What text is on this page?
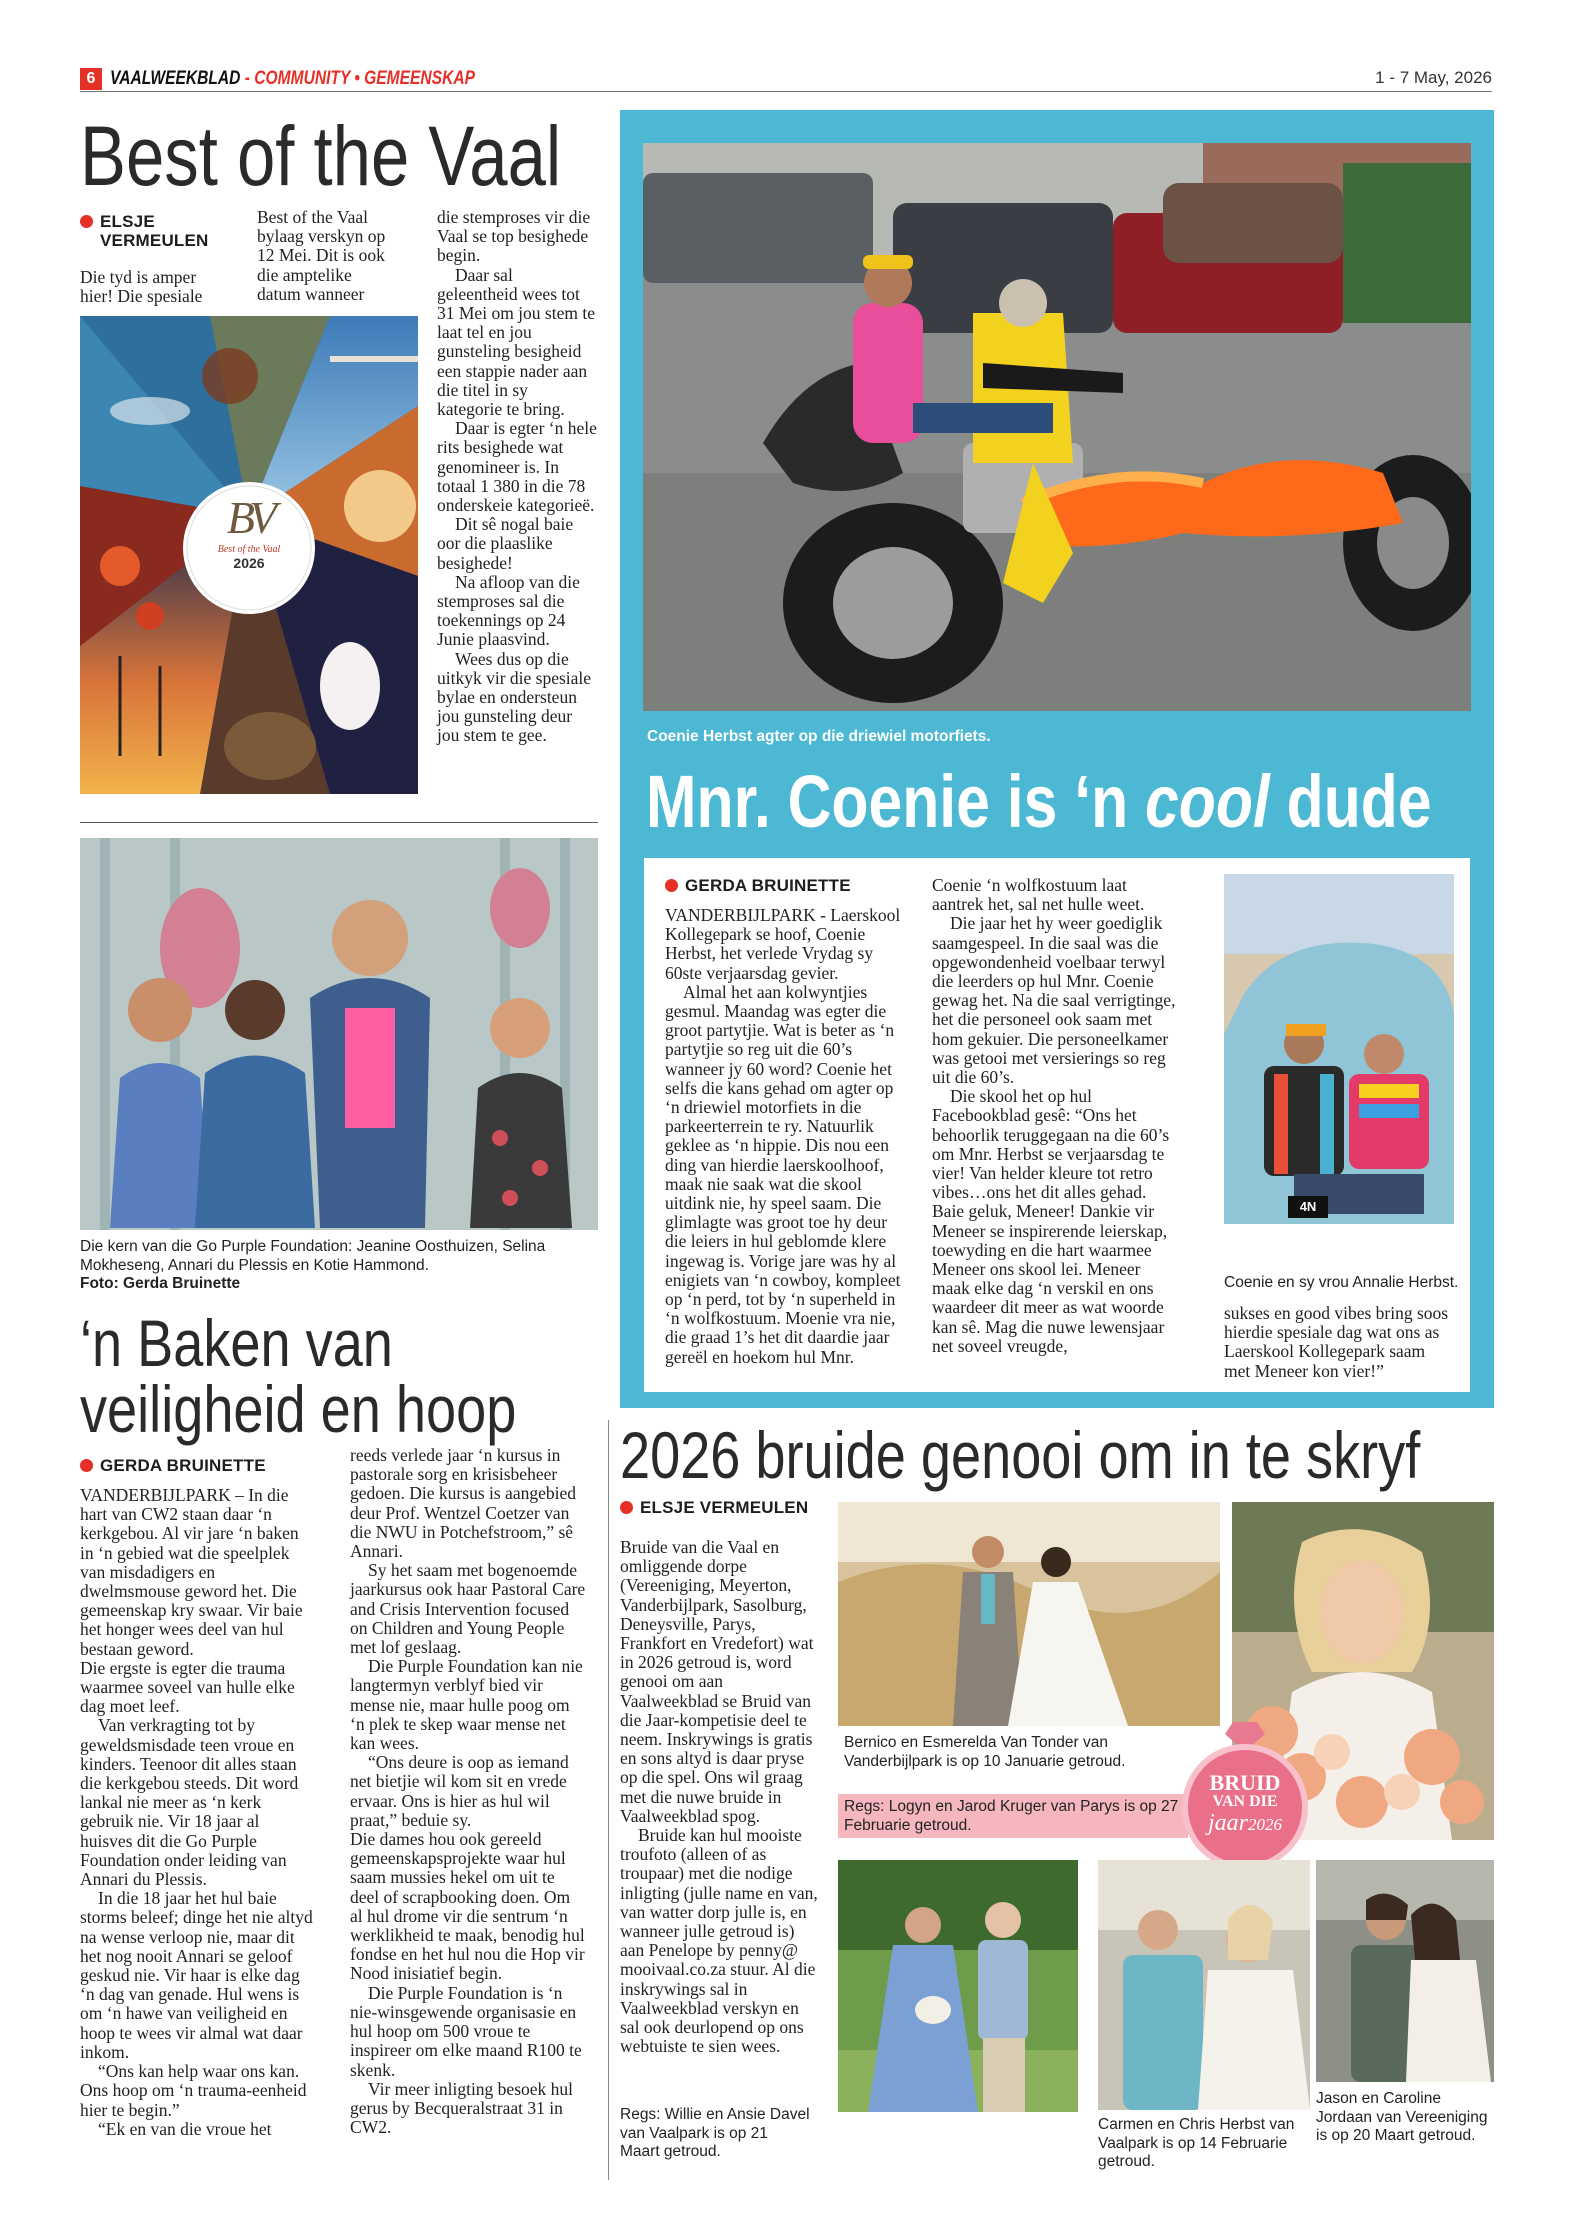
6 VAALWEEKBLAD - COMMUNITY • GEMEENSKAP	1 - 7 May, 2026
Best of the Vaal
ELSJE
VERMEULEN
Die tyd is amper hier! Die spesiale
Best of the Vaal bylaag verskyn op 12 Mei. Dit is ook die amptelike datum wanneer

die stemproses vir die Vaal se top besighede begin.

Daar sal geleentheid wees tot 31 Mei om jou stem te laat tel en jou gunsteling besigheid een stappie nader aan die titel in sy kategorie te bring.

Daar is egter ‘n hele rits besighede wat genomineer is. In totaal 1 380 in die 78 onderskeie kategorieë.

Dit sê nogal baie oor die plaaslike besighede!

Na afloop van die stemproses sal die toekennings op 24 Junie plaasvind.

Wees dus op die uitkyk vir die spesiale bylae en ondersteun jou gunsteling deur jou stem te gee.

BV
Best of the Vaal
2026
Coenie Herbst agter op die driewiel motorfiets.
Mnr. Coenie is ‘n cool dude
GERDA BRUINETTE

VANDERBIJLPARK - Laerskool Kollegepark se hoof, Coenie Herbst, het verlede Vrydag sy 60ste verjaarsdag gevier.

Almal het aan kolwyntjies gesmul. Maandag was egter die groot partytjie. Wat is beter as ‘n partytjie so reg uit die 60’s wanneer jy 60 word? Coenie het selfs die kans gehad om agter op ‘n driewiel motorfiets in die parkeerterrein te ry. Natuurlik geklee as ‘n hippie. Dis nou een ding van hierdie laerskoolhoof, maak nie saak wat die skool uitdink nie, hy speel saam. Die glimlagte was groot toe hy deur die leiers in hul geblomde klere ingewag is. Vorige jare was hy al enigiets van ‘n cowboy, kompleet op ‘n perd, tot by ‘n superheld in ‘n wolfkostuum. Moenie vra nie, die graad 1’s het dit daardie jaar gereël en hoekom hul Mnr.

Coenie ‘n wolfkostuum laat aantrek het, sal net hulle weet.

Die jaar het hy weer goediglik saamgespeel. In die saal was die opgewondenheid voelbaar terwyl die leerders op hul Mnr. Coenie gewag het. Na die saal verrigtinge, het die personeel ook saam met hom gekuier. Die personeelkamer was getooi met versierings so reg uit die 60’s.

Die skool het op hul Facebookblad gesê: “Ons het behoorlik teruggegaan na die 60’s om Mnr. Herbst se verjaarsdag te vier! Van helder kleure tot retro vibes…ons het dit alles gehad. Baie geluk, Meneer! Dankie vir Meneer se inspirerende leierskap, toewyding en die hart waarmee Meneer ons skool lei. Meneer maak elke dag ‘n verskil en ons waardeer dit meer as wat woorde kan sê. Mag die nuwe lewensjaar net soveel vreugde,

4N
Coenie en sy vrou Annalie Herbst.
sukses en good vibes bring soos hierdie spesiale dag wat ons as Laerskool Kollegepark saam met Meneer kon vier!”
Die kern van die Go Purple Foundation: Jeanine Oosthuizen, Selina
Mokheseng, Annari du Plessis en Kotie Hammond.
Foto: Gerda Bruinette
‘n Baken van
veiligheid en hoop
GERDA BRUINETTE

VANDERBIJLPARK – In die hart van CW2 staan daar ‘n kerkgebou. Al vir jare ‘n baken in ‘n gebied wat die speelplek van misdadigers en dwelmsmouse geword het. Die gemeenskap kry swaar. Vir baie het honger wees deel van hul bestaan geword.

Die ergste is egter die trauma waarmee soveel van hulle elke dag moet leef.

Van verkragting tot by geweldsmisdade teen vroue en kinders. Teenoor dit alles staan die kerkgebou steeds. Dit word lankal nie meer as ‘n kerk gebruik nie. Vir 18 jaar al huisves dit die Go Purple Foundation onder leiding van Annari du Plessis.

In die 18 jaar het hul baie storms beleef; dinge het nie altyd na wense verloop nie, maar dit het nog nooit Annari se geloof geskud nie. Vir haar is elke dag ‘n dag van genade. Hul wens is om ‘n hawe van veiligheid en hoop te wees vir almal wat daar inkom.

“Ons kan help waar ons kan. Ons hoop om ‘n trauma-eenheid hier te begin.”

“Ek en van die vroue het

reeds verlede jaar ‘n kursus in pastorale sorg en krisisbeheer gedoen. Die kursus is aangebied deur Prof. Wentzel Coetzer van die NWU in Potchefstroom,” sê Annari.

Sy het saam met bogenoemde jaarkursus ook haar Pastoral Care and Crisis Intervention focused on Children and Young People met lof geslaag.

Die Purple Foundation kan nie langtermyn verblyf bied vir mense nie, maar hulle poog om ‘n plek te skep waar mense net kan wees.

“Ons deure is oop as iemand net bietjie wil kom sit en vrede ervaar. Ons is hier as hul wil praat,” beduie sy.

Die dames hou ook gereeld gemeenskapsprojekte waar hul saam mussies hekel om uit te deel of scrapbooking doen. Om al hul drome vir die sentrum ‘n werklikheid te maak, benodig hul fondse en het hul nou die Hop vir Nood inisiatief begin.

Die Purple Foundation is ‘n nie-winsgewende organisasie en hul hoop om 500 vroue te inspireer om elke maand R100 te skenk.

Vir meer inligting besoek hul gerus by Becqueralstraat 31 in CW2.

2026 bruide genooi om in te skryf
ELSJE VERMEULEN

Bruide van die Vaal en omliggende dorpe (Vereeniging, Meyerton, Vanderbijlpark, Sasolburg, Deneysville, Parys, Frankfort en Vredefort) wat in 2026 getroud is, word genooi om aan Vaalweekblad se Bruid van die Jaar-kompetisie deel te neem. Inskrywings is gratis en sons altyd is daar pryse op die spel. Ons wil graag met die nuwe bruide in Vaalweekblad spog.

Bruide kan hul mooiste troufoto (alleen of as troupaar) met die nodige inligting (julle name en van, van watter dorp julle is, en wanneer julle getroud is) aan Penelope by penny@ mooivaal.co.za stuur. Al die inskrywings sal in Vaalweekblad verskyn en sal ook deurlopend op ons webtuiste te sien wees.

Regs: Willie en Ansie Davel van Vaalpark is op 21 Maart getroud.
Bernico en Esmerelda Van Tonder van Vanderbijlpark is op 10 Januarie getroud.
Regs: Logyn en Jarod Kruger van Parys is op 27 Februarie getroud.
BRUID
VAN DIE
jaar2026
Carmen en Chris Herbst van Vaalpark is op 14 Februarie getroud.
Jason en Caroline Jordaan van Vereeniging is op 20 Maart getroud.
